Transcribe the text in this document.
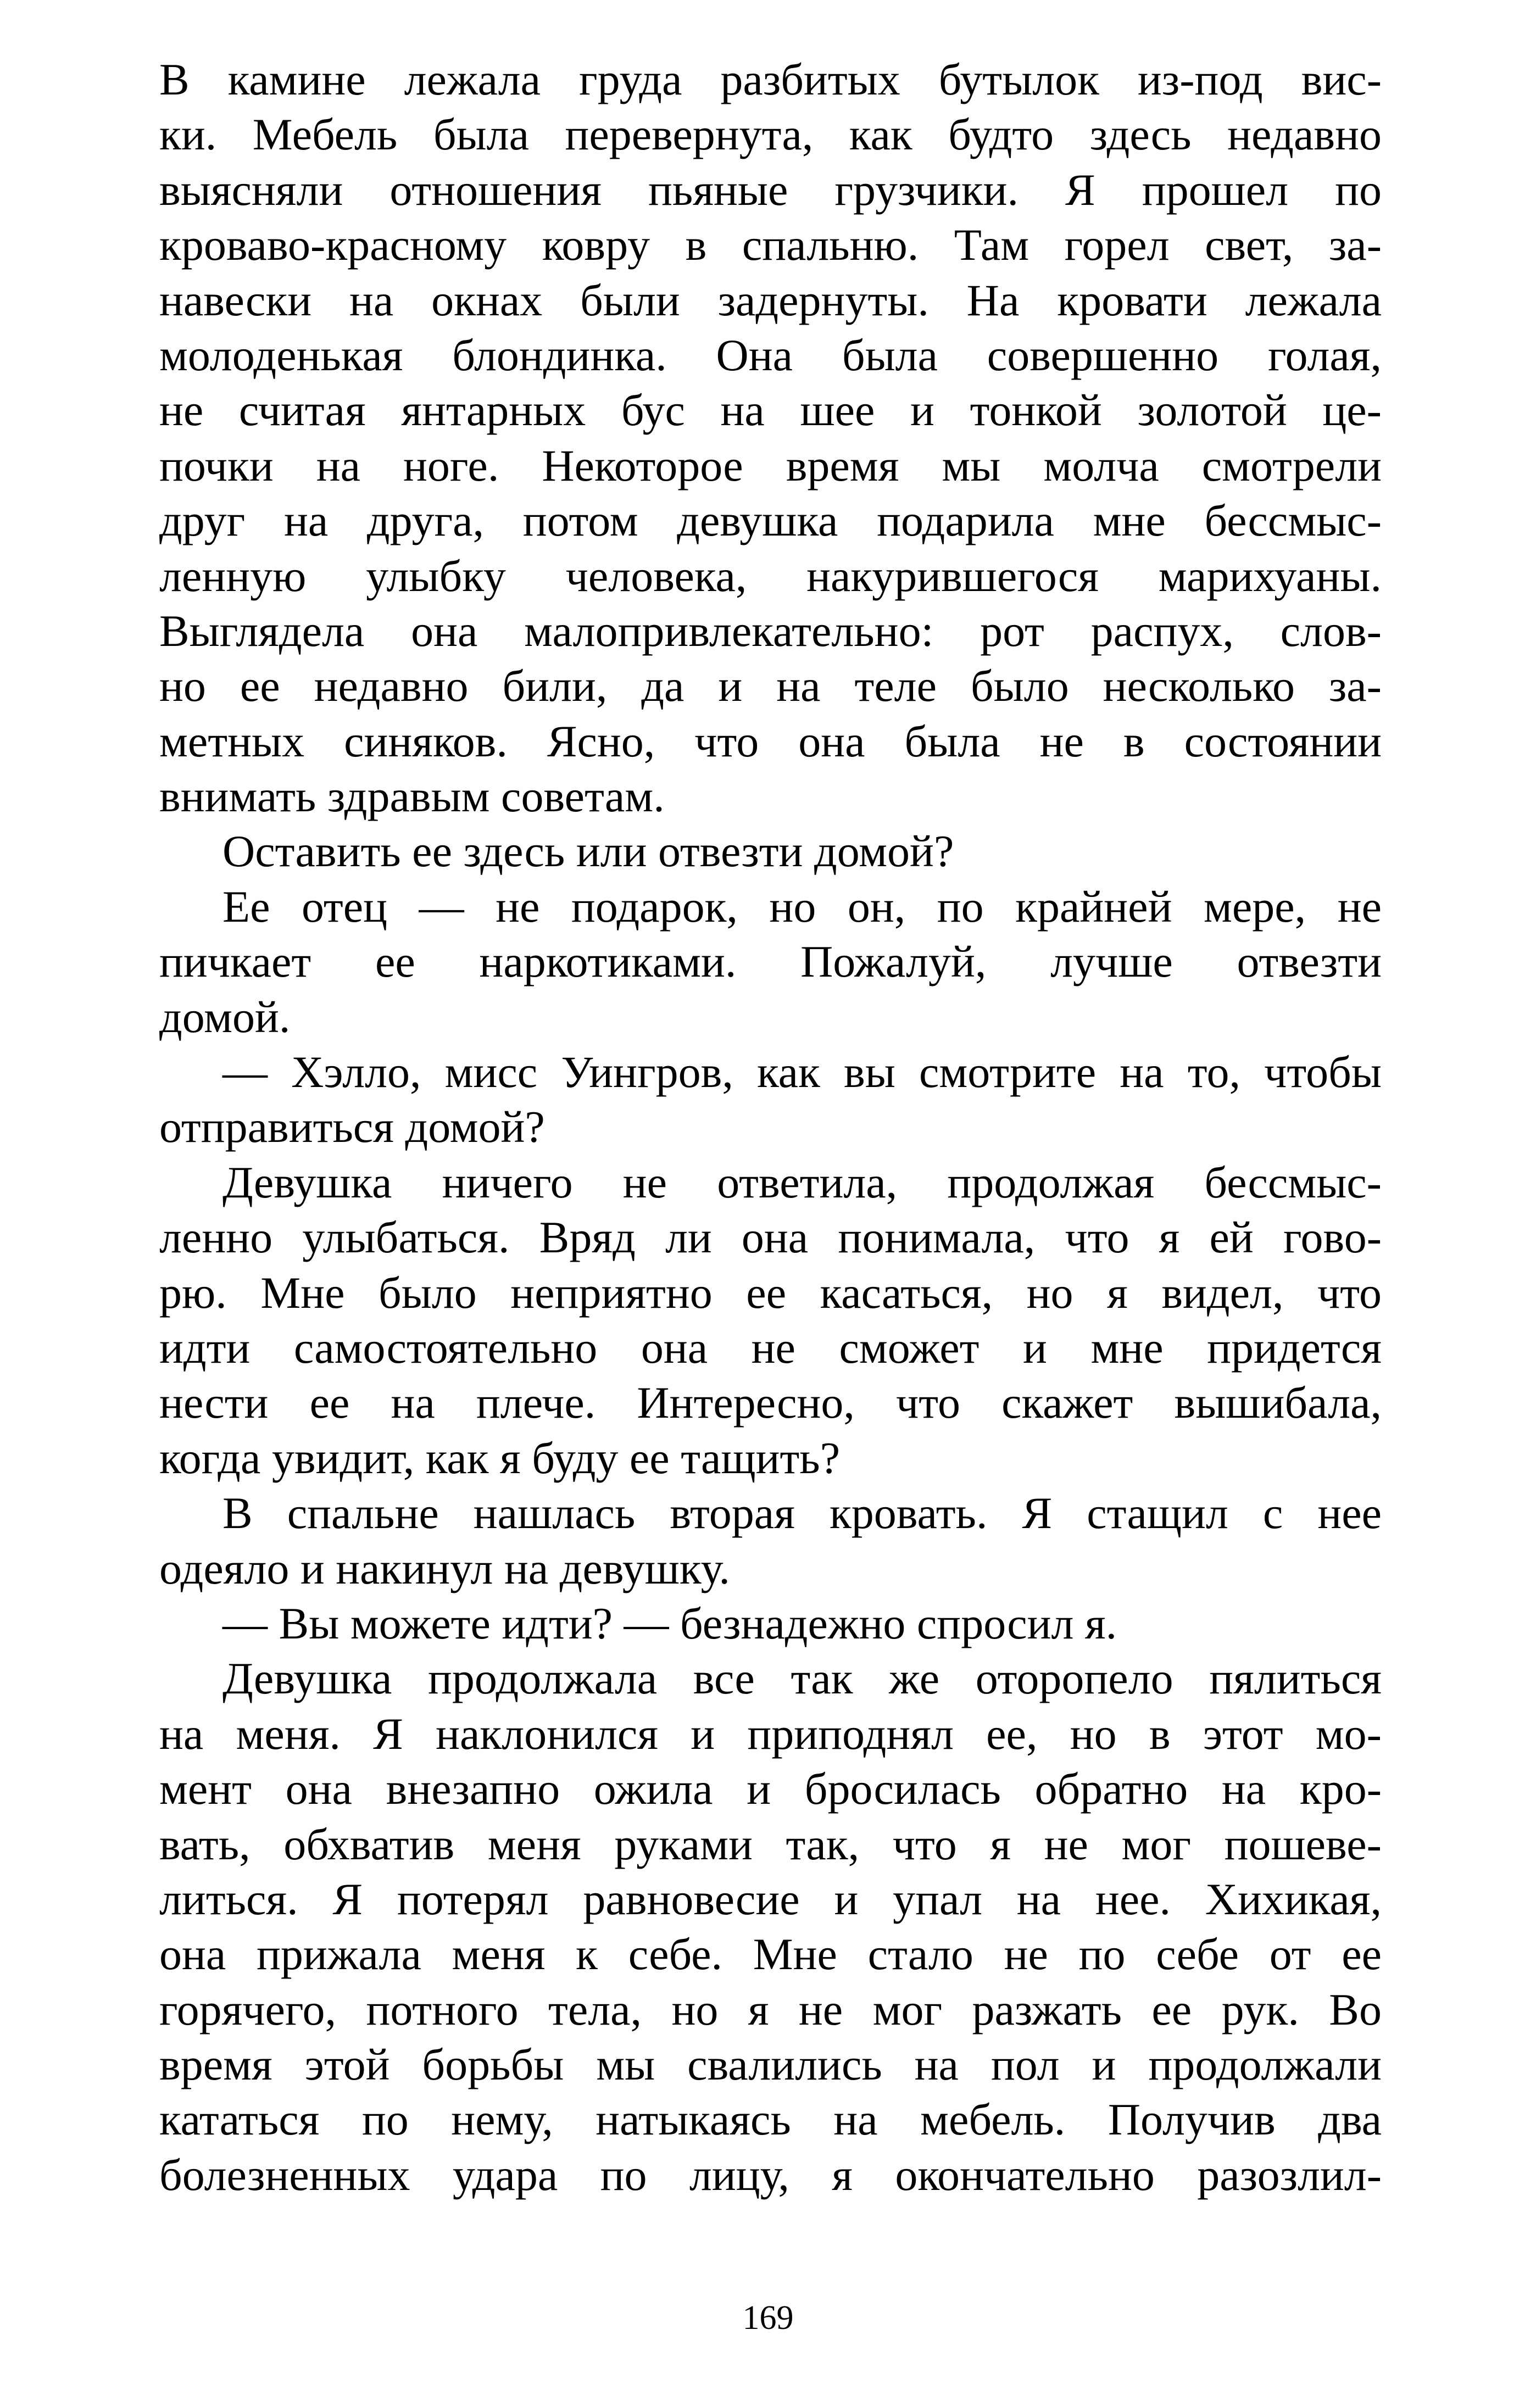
В камине лежала груда разбитых бутылок из-под вис-
ки. Мебель была перевернута, как будто здесь недавно
выясняли отношения пьяные грузчики. Я прошел по
кроваво-красному ковру в спальню. Там горел свет, за-
навески на окнах были задернуты. На кровати лежала
молоденькая блондинка. Она была совершенно голая,
не считая янтарных бус на шее и тонкой золотой це-
почки на ноге. Некоторое время мы молча смотрели
друг на друга, потом девушка подарила мне бессмыс-
ленную улыбку человека, накурившегося марихуаны.
Выглядела она малопривлекательно: рот распух, слов-
но ее недавно били, да и на теле было несколько за-
метных синяков. Ясно, что она была не в состоянии
внимать здравым советам.
Оставить ее здесь или отвезти домой?
Ее отец — не подарок, но он, по крайней мере, не
пичкает ее наркотиками. Пожалуй, лучше отвезти
домой.
— Хэлло, мисс Уингров, как вы смотрите на то, чтобы
отправиться домой?
Девушка ничего не ответила, продолжая бессмыс-
ленно улыбаться. Вряд ли она понимала, что я ей гово-
рю. Мне было неприятно ее касаться, но я видел, что
идти самостоятельно она не сможет и мне придется
нести ее на плече. Интересно, что скажет вышибала,
когда увидит, как я буду ее тащить?
В спальне нашлась вторая кровать. Я стащил с нее
одеяло и накинул на девушку.
— Вы можете идти? — безнадежно спросил я.
Девушка продолжала все так же оторопело пялиться
на меня. Я наклонился и приподнял ее, но в этот мо-
мент она внезапно ожила и бросилась обратно на кро-
вать, обхватив меня руками так, что я не мог пошеве-
литься. Я потерял равновесие и упал на нее. Хихикая,
она прижала меня к себе. Мне стало не по себе от ее
горячего, потного тела, но я не мог разжать ее рук. Во
время этой борьбы мы свалились на пол и продолжали
кататься по нему, натыкаясь на мебель. Получив два
болезненных удара по лицу, я окончательно разозлил-
169
